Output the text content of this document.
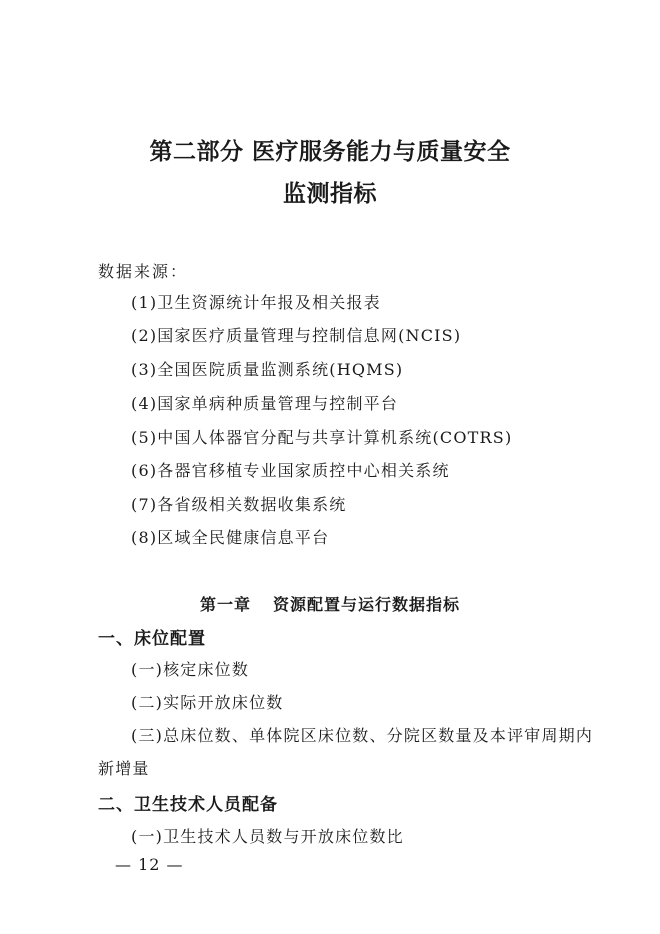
第二部分 医疗服务能力与质量安全
监测指标
数据来源：
(1)卫生资源统计年报及相关报表
(2)国家医疗质量管理与控制信息网(NCIS)
(3)全国医院质量监测系统(HQMS)
(4)国家单病种质量管理与控制平台
(5)中国人体器官分配与共享计算机系统(COTRS)
(6)各器官移植专业国家质控中心相关系统
(7)各省级相关数据收集系统
(8)区域全民健康信息平台
第一章 资源配置与运行数据指标
一、床位配置
(一)核定床位数
(二)实际开放床位数
(三)总床位数、单体院区床位数、分院区数量及本评审周期内
新增量
二、卫生技术人员配备
(一)卫生技术人员数与开放床位数比
— 12 —
